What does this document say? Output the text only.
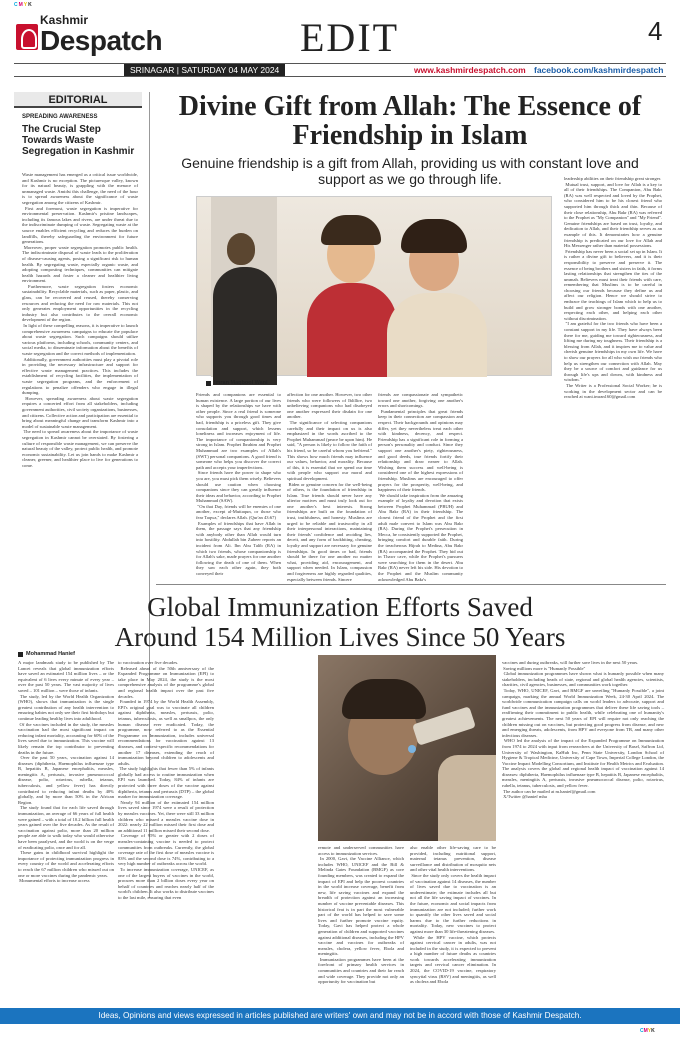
CMYK
Kashmir
Despatch	EDIT	4
SRINAGAR | SATURDAY 04 MAY 2024	www.kashmirdespatch.com facebook.com/kashmirdespatch
EDITORIAL
SPREADING AWARENESS
The Crucial Step Towards Waste Segregation in Kashmir
Waste management has emerged as a critical issue worldwide, and Kashmir is no exception. The picturesque valley, known for its natural beauty, is grappling with the menace of unmanaged waste. Amidst this challenge, the need of the hour is to spread awareness about the significance of waste segregation among the citizens of Kashmir.
First and foremost, waste segregation is imperative for environmental preservation. Kashmir's pristine landscapes, including its famous lakes and rivers, are under threat due to the indiscriminate dumping of waste. Segregating waste at the source enables efficient recycling and reduces the burden on landfills, thereby safeguarding the environment for future generations.
Moreover, proper waste segregation promotes public health. The indiscriminate disposal of waste leads to the proliferation of disease-causing agents, posing a significant risk to human health. By segregating waste, especially organic waste, and adopting composting techniques, communities can mitigate health hazards and foster a cleaner and healthier living environment.
Furthermore, waste segregation fosters economic sustainability. Recyclable materials, such as paper, plastic, and glass, can be recovered and reused, thereby conserving resources and reducing the need for raw materials. This not only generates employment opportunities in the recycling industry but also contributes to the overall economic development of the region.
In light of these compelling reasons, it is imperative to launch comprehensive awareness campaigns to educate the populace about waste segregation. Such campaigns should utilize various platforms, including schools, community centers, and social media, to disseminate information about the benefits of waste segregation and the correct methods of implementation.
Additionally, government authorities must play a pivotal role in providing the necessary infrastructure and support for effective waste management practices. This includes the establishment of recycling facilities, the implementation of waste segregation programs, and the enforcement of regulations to penalize offenders who engage in illegal dumping.
However, spreading awareness about waste segregation requires a concerted effort from all stakeholders, including government authorities, civil society organizations, businesses, and citizens. Collective action and participation are essential to bring about meaningful change and transform Kashmir into a model of sustainable waste management.
The need to spread awareness about the importance of waste segregation in Kashmir cannot be overstated. By fostering a culture of responsible waste management, we can preserve the natural beauty of the valley, protect public health, and promote economic sustainability. Let us join hands to make Kashmir a cleaner, greener, and healthier place to live for generations to come.
Divine Gift from Allah: The Essence of Friendship in Islam
Genuine friendship is a gift from Allah, providing us with constant love and support as we go through life.
Imran Maqbool Wani
Friends and companions are essential to human existence. A large portion of our lives is shaped by the relationships we have with other people. Since a real friend is someone who supports you through good times and bad, friendship is a priceless gift. They give consolation and support, which lessens loneliness and increases enjoyment of life. The importance of companionship is very strong in Islam. Prophet Ibrahim and Prophet Muhammad are two examples of Allah's (SWT) personal companions. A good friend is someone who helps you discover the correct path and accepts your imperfections.
Since friends have the power to shape who you are, you must pick them wisely. Believers should use caution when choosing companions since they can greatly influence their ideas and behavior, according to Prophet Muhammad (SAW).
"On that Day, friends will be enemies of one another, except al-Muttaqun, or those who fear Taqwa," declares Allah. (Qur'an 43:67)
Examples of friendships that have Allah in them, the passage says that any friendship with anybody other than Allah would turn into hostility. Abdullah bin Zubeer reports an incident from Ali. Ibn Abu Talib (RA) in which two friends, whose companionship is for Allah's sake, made prayers for one another following the death of one of them. When they saw each other again, they both conveyed their
affection for one another. However, two other friends who were followers of Iblillire, two unbelieving companions who had disobeyed one another expressed their disdain for one another.
The significance of selecting companions carefully and their impact on us is also emphasized in the words ascribed to the Prophet Muhammad (peace be upon him). He said, "A person is likely to follow the faith of his friend, so be careful whom you befriend." This shows how much friends may influence our values, behavior, and morality. Because of this, it is essential that we spend our time with people who support our moral and spiritual development.
Biden or genuine concern for the well-being of others, is the foundation of friendship in Islam. True friends should never have any ulterior motives and must truly look out for one another's best interests. Strong friendships are built on the foundation of trust, truthfulness, and honesty. Muslims are urged to be reliable and trustworthy in all their interpersonal interactions, maintaining their friends' confidence and avoiding lies, deceit, and any form of backbiting, cheating, loyalty and support are necessary for genuine friendships. In good times or bad, friends should be there for one another no matter what, providing aid, encouragement, and support when needed. In Islam, compassion and forgiveness are highly regarded qualities, especially between friends. Sincere
friends are compassionate and sympathetic toward one another, forgiving one another's errors and shortcomings.
Fundamental principles that great friends keep in their connection are compassion and respect. Their backgrounds and opinions may differ, yet they nevertheless treat each other with kindness, decency, and respect. Friendship has a significant role in forming a person's personality and conduct. Since they support one another's piety, righteousness, and good deeds, true friends fortify their relationship and draw nearer to Allah. Wishing them success and well-being is considered one of the highest expressions of friendship. Muslims are encouraged to offer prayers for the prosperity, well-being, and happiness of their friends.
We should take inspiration from the amazing example of loyalty and devotion that exists between Prophet Muhammad (PBUH) and Abu Bakr (RA) in their friendship. The closest friend of the Prophet and the first adult male convert to Islam was Abu Bakr (RA). During the Prophet's persecution in Mecca, he consistently supported the Prophet, bringing comfort and durable faith. During the treacherous Hijrah to Medina, Abu Bakr (RA) accompanied the Prophet. They hid out in Thawr cave, while the Prophet's pursuers were searching for them in the desert. Abu Bakr (RA) never left his side. His devotion to the Prophet and the Muslim community acknowledged Abu Bakr's
leadership abilities on their friendship great stronger.
Mutual trust, support, and love for Allah is a key to all of their friendships. The Companion, Abu Bakr (RA) was well respected and loved by the Prophet, who considered him to be his closest friend who supported him through thick and thin. Because of their close relationship, Abu Bakr (RA) was referred to the Prophet as "My Companion" and "My Friend". Genuine friendships are based on trust, loyalty, and dedication to Allah, and their friendship serves as an example of this. It demonstrates how a genuine friendship is predicated on our love for Allah and His Messenger rather than material possessions.
Friendship has never been a social set up in Islam. It is rather a divine gift to believers, and it is their responsibility to preserve and preserve it. The essence of being brothers and sisters in faith, it forms lasting relationships that strengthen the ties of the ummah. Believers must treat their friends with care, remembering that Muslims is to be careful in choosing our friends because they define us and affect our religion. Hence we should strive to embrace the teachings of Islam which to help us to build and grow stronger bonds with one another, respecting each other, and helping each other without discrimination.
"I am grateful for the two friends who have been a constant support in my life. They have always been there for me, guiding me toward righteousness, and lifting me during my toughness. Their friendship is a blessing from Allah, and it inspires me to value and cherish genuine friendships in my own life. We have to show our prayers for all who wish our friends who help us strengthen our connection with Allah. May they be a source of comfort and guidance for us through life's ups and downs, with kindness and wisdom."
The Writer is a Professional Social Worker; he is working in the development sector and can be reached at wani.imran160@gmail.com
Global Immunization Efforts Saved
Around 154 Million Lives Since 50 Years
Mohammad Hanief
A major landmark study to be published by The Lancet reveals that global immunization efforts have saved an estimated 154 million lives – or the equivalent of 6 lives every minute of every year – over the past 50 years. The vast majority of lives saved – 101 million – were those of infants.
The study, led by the World Health Organization (WHO), shows that immunization is the single greatest contribution of any health intervention to ensuring babies not only see their first birthdays but continue leading healthy lives into adulthood.
Of the vaccines included in the study, the measles vaccination had the most significant impact on reducing infant mortality, accounting for 60% of the lives saved due to immunization. This vaccine will likely remain the top contributor to preventing deaths in the future.
Over the past 50 years, vaccination against 14 diseases (diphtheria, Haemophilus influenzae type B, hepatitis B, Japanese encephalitis, measles, meningitis A, pertussis, invasive pneumococcal disease, polio, rotavirus, rubella, tetanus, tuberculosis, and yellow fever) has directly contributed to reducing infant deaths by 40% globally, and by more than 50% in the African Region.
The study found that for each life saved through immunization, an average of 66 years of full health were gained – with a total of 10.2 billion full health years gained over the five decades. As the result of vaccination against polio, more than 20 million people are able to walk today who would otherwise have been paralysed, and the world is on the verge of eradicating polio, once and for all.
These gains in childhood survival highlight the importance of protecting immunization progress in every country of the world and accelerating efforts to reach the 67 million children who missed out on one or more vaccines during the pandemic years.
Monumental efforts to increase access
to vaccination over five decades.
Released ahead of the 50th anniversary of the Expanded Programme on Immunization (EPI) to take place in May 2024, the study is the most comprehensive analysis of the programme's global and regional health impact over the past five decades.
Founded in 1974 by the World Health Assembly, EPI's original goal was to vaccinate all children against diphtheria, measles, pertussis, polio, tetanus, tuberculosis, as well as smallpox, the only human disease ever eradicated. Today, the programme, now referred to as the Essential Programme on Immunization, includes universal recommendations for vaccination against 13 diseases, and context-specific recommendations for another 17 diseases, extending the reach of immunization beyond children to adolescents and adults.
The study highlights that fewer than 5% of infants globally had access to routine immunization when EPI was launched. Today, 84% of infants are protected with three doses of the vaccine against diphtheria, tetanus and pertussis (DTP) – the global marker for immunization coverage.
Nearly 94 million of the estimated 154 million lives saved since 1974 were a result of protection by measles vaccines. Yet, there were still 33 million children who missed a measles vaccine dose in 2022: nearly 22 million missed their first dose and an additional 11 million missed their second dose.
Coverage of 95% or greater with 2 doses of measles-containing vaccine is needed to protect communities from outbreaks. Currently, the global coverage rate of the first dose of measles vaccine is 83% and the second dose is 74%, contributing to a very high number of outbreaks across the world.
To increase immunization coverage, UNICEF, as one of the largest buyers of vaccines in the world, procures more than 2 billion doses every year on behalf of countries and reaches nearly half of the world's children. It also works to distribute vaccines to the last mile, ensuring that even
remote and underserved communities have access to immunization services.
In 2000, Gavi, the Vaccine Alliance, which includes WHO, UNICEF and the Bill & Melinda Gates Foundation (BMGF) as core founding members, was created to expand the impact of EPI and help the poorest countries in the world increase coverage, benefit from new, life saving vaccines and expand the breadth of protection against an increasing number of vaccine preventable diseases. This historical feat is in part the most vulnerable part of the world has helped to save some lives and further promote vaccine equity. Today, Gavi has helped protect a whole generation of children and supported vaccines against additional diseases, including the HPV vaccine and vaccines for outbreaks of measles, cholera, yellow fever, Ebola and meningitis.
Immunization programmes have been at the forefront of primary health services in communities and countries and their far reach and wide coverage. They provide not only an opportunity for vaccination but
also enable other life-saving care to be provided, including nutritional support, maternal tetanus prevention, disease surveillance and distribution of mosquito nets and other vital health interventions.
Since the study only covers the health impact of vaccination against 14 diseases, the number of lives saved due to vaccination is an underestimate; the estimate includes all but not all the life saving impact of vaccines. In the future, economic and social impacts from immunization are not included; further work to quantify the other lives saved and social harms due to the further reductions in mortality. Today, new vaccines to protect against more than 30 life-threatening diseases.
While the HPV vaccine, which protects against cervical cancer in adults, was not included in the study, it is expected to prevent a high number of future deaths as countries work towards accelerating immunization targets and cervical cancer elimination. In 2024, the COVID-19 vaccine, respiratory syncytial virus (RSV) and meningitis, as well as cholera and Ebola
vaccines and during outbreaks, will further save lives in the next 50 years.
Saving millions more is "Humanly Possible"
Global immunization programmes have shown what is humanly possible when many stakeholders, including heads of state, regional and global health agencies, scientists, charities, civil agencies, businesses, and communities work together.
Today, WHO, UNICEF, Gavi, and BMGF are unveiling "Humanly Possible", a joint campaign, marking the annual World Immunization Week, 24-30 April 2024. The worldwide communication campaign calls on world leaders to advocate, support and fund vaccines and the immunization programmes that deliver these life saving tools – reaffirming their commitment to public health, while celebrating one of humanity's greatest achievements. The next 50 years of EPI will require not only reaching the children missing out on vaccines, but protecting good progress from disease, and new and emerging threats, adolescents, from HPV and everyone from TB, and many other infectious diseases.
WHO led the analysis of the impact of the Expanded Programme on Immunization from 1974 to 2024 with input from researchers at the University of Basel, Saffron Ltd, University of Washington, KaHub Inc, Penn State University, London School of Hygiene & Tropical Medicine, University of Cape Town, Imperial College London, the Vaccine Impact Modelling Consortium, and Institute for Health Metrics and Evaluation. The analysis covers the global and regional health impact of vaccination against 14 diseases: diphtheria, Haemophilus influenzae type B, hepatitis B, Japanese encephalitis, measles, meningitis A, pertussis, invasive pneumococcal disease, polio, rotavirus, rubella, tetanus, tuberculosis, and yellow fever.
The author can be mailed at m.hanief@gmail.com
X/Twitter @hanief mha
Ideas, Opinions and views expressed in articles published are writers' own and may not be in accord with those of Kashmir Despatch.
CMYK
